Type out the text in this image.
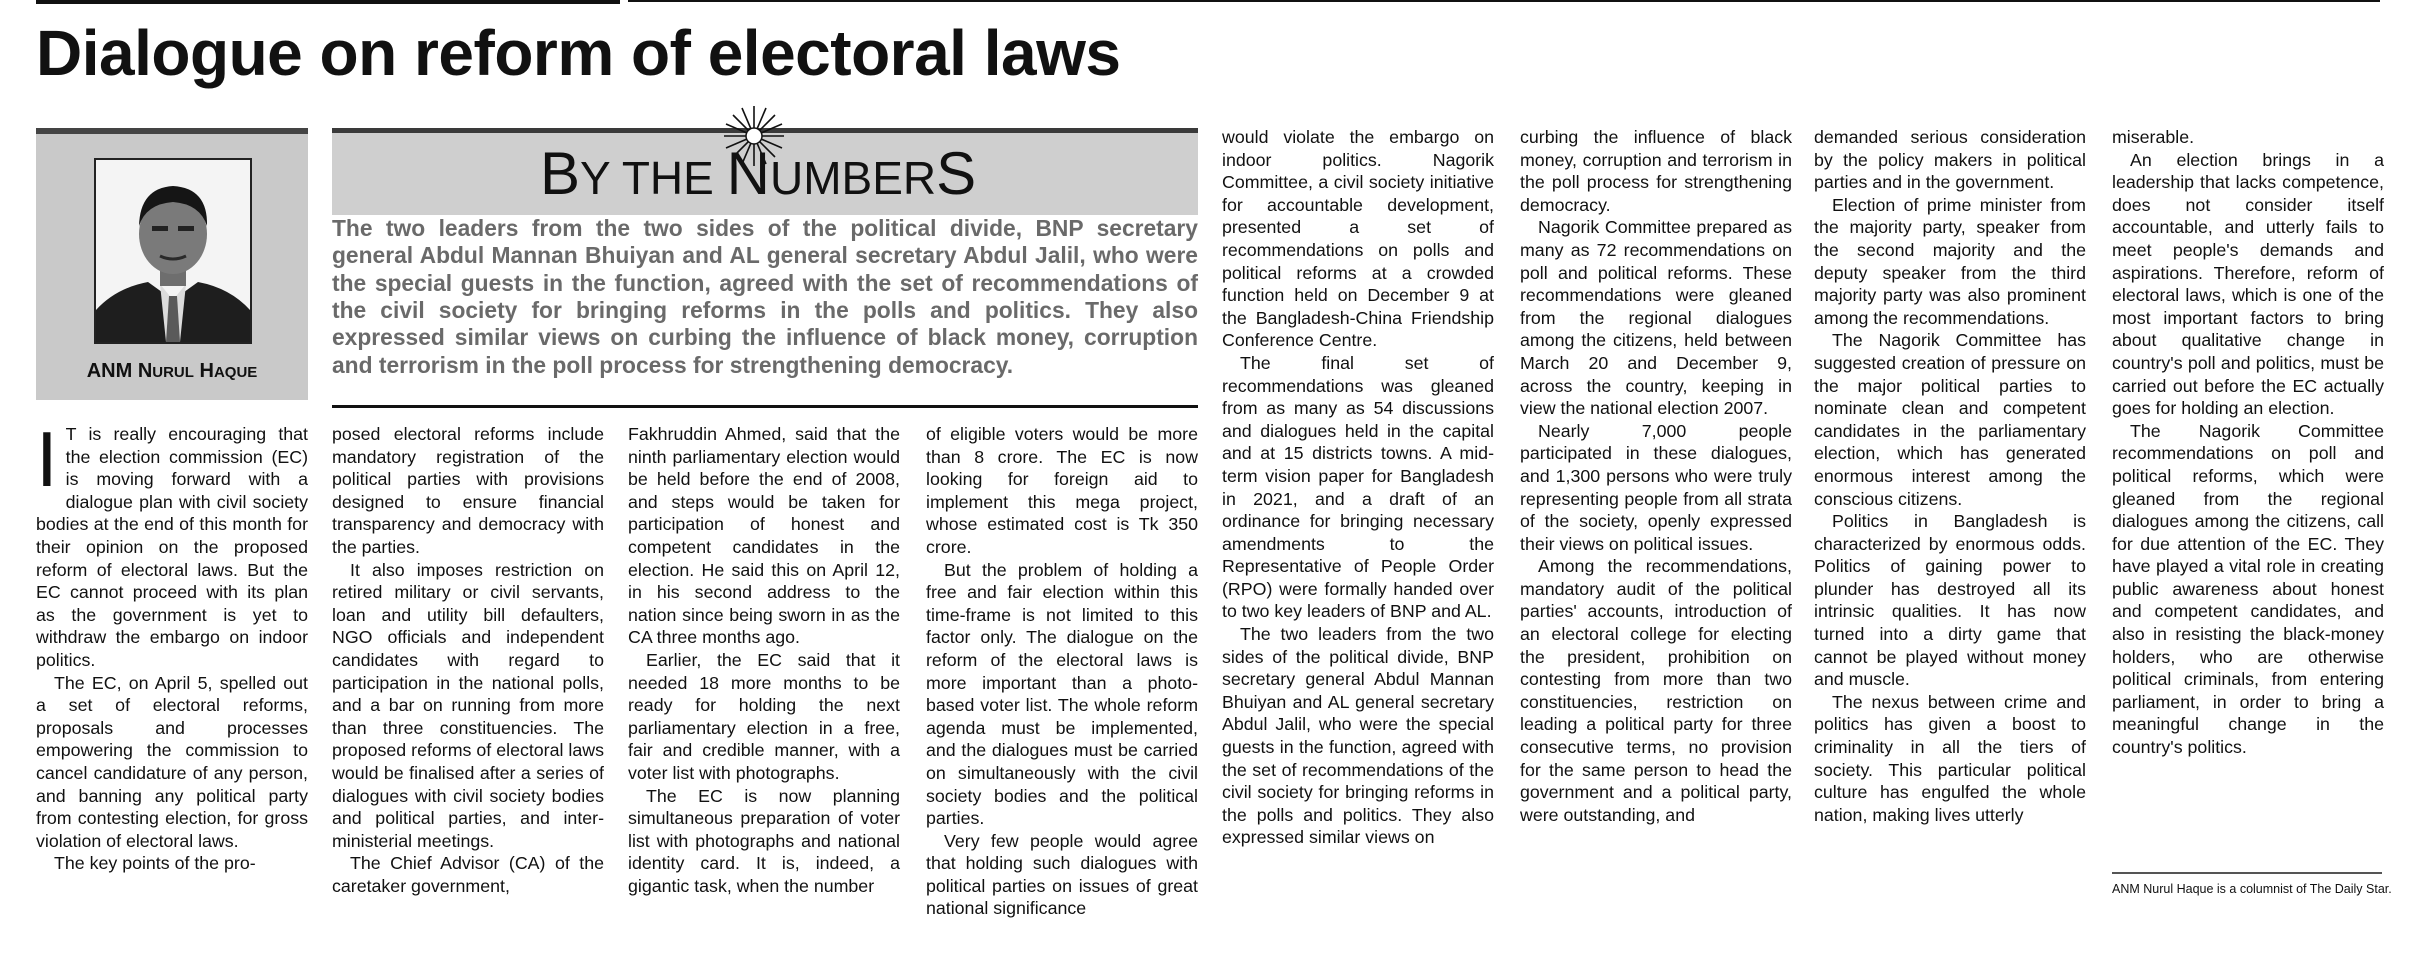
Dialogue on reform of electoral laws
ANM NURUL HAQUE
BY THE NUMBERS

The two leaders from the two sides of the political divide, BNP secretary general Abdul Mannan Bhuiyan and AL general secretary Abdul Jalil, who were the special guests in the function, agreed with the set of recommendations of the civil society for bringing reforms in the polls and politics. They also expressed similar views on curbing the influence of black money, corruption and terrorism in the poll process for strengthening democracy.

I T is really encouraging that the election commission (EC) is moving forward with a dialogue plan with civil society bodies at the end of this month for their opinion on the proposed reform of electoral laws. But the EC cannot proceed with its plan as the government is yet to withdraw the embargo on indoor politics.

The EC, on April 5, spelled out a set of electoral reforms, proposals and processes empowering the commission to cancel candidature of any person, and banning any political party from contesting election, for gross violation of electoral laws.

The key points of the pro-

posed electoral reforms include mandatory registration of the political parties with provisions designed to ensure financial transparency and democracy with the parties.

It also imposes restriction on retired military or civil servants, loan and utility bill defaulters, NGO officials and independent candidates with regard to participation in the national polls, and a bar on running from more than three constituencies. The proposed reforms of electoral laws would be finalised after a series of dialogues with civil society bodies and political parties, and inter-ministerial meetings.

The Chief Advisor (CA) of the caretaker government,

Fakhruddin Ahmed, said that the ninth parliamentary election would be held before the end of 2008, and steps would be taken for participation of honest and competent candidates in the election. He said this on April 12, in his second address to the nation since being sworn in as the CA three months ago.

Earlier, the EC said that it needed 18 more months to be ready for holding the next parliamentary election in a free, fair and credible manner, with a voter list with photographs.

The EC is now planning simultaneous preparation of voter list with photographs and national identity card. It is, indeed, a gigantic task, when the number

of eligible voters would be more than 8 crore. The EC is now looking for foreign aid to implement this mega project, whose estimated cost is Tk 350 crore.

But the problem of holding a free and fair election within this time-frame is not limited to this factor only. The dialogue on the reform of the electoral laws is more important than a photo-based voter list. The whole reform agenda must be implemented, and the dialogues must be carried on simultaneously with the civil society bodies and the political parties.

Very few people would agree that holding such dialogues with political parties on issues of great national significance

would violate the embargo on indoor politics. Nagorik Committee, a civil society initiative for accountable development, presented a set of recommendations on polls and political reforms at a crowded function held on December 9 at the Bangladesh-China Friendship Conference Centre.

The final set of recommendations was gleaned from as many as 54 discussions and dialogues held in the capital and at 15 districts towns. A mid-term vision paper for Bangladesh in 2021, and a draft of an ordinance for bringing necessary amendments to the Representative of People Order (RPO) were formally handed over to two key leaders of BNP and AL.

The two leaders from the two sides of the political divide, BNP secretary general Abdul Mannan Bhuiyan and AL general secretary Abdul Jalil, who were the special guests in the function, agreed with the set of recommendations of the civil society for bringing reforms in the polls and politics. They also expressed similar views on

curbing the influence of black money, corruption and terrorism in the poll process for strengthening democracy.

Nagorik Committee prepared as many as 72 recommendations on poll and political reforms. These recommendations were gleaned from the regional dialogues among the citizens, held between March 20 and December 9, across the country, keeping in view the national election 2007.

Nearly 7,000 people participated in these dialogues, and 1,300 persons who were truly representing people from all strata of the society, openly expressed their views on political issues.

Among the recommendations, mandatory audit of the political parties' accounts, introduction of an electoral college for electing the president, prohibition on contesting from more than two constituencies, restriction on leading a political party for three consecutive terms, no provision for the same person to head the government and a political party, were outstanding, and

demanded serious consideration by the policy makers in political parties and in the government.

Election of prime minister from the majority party, speaker from the second majority and the deputy speaker from the third majority party was also prominent among the recommendations.

The Nagorik Committee has suggested creation of pressure on the major political parties to nominate clean and competent candidates in the parliamentary election, which has generated enormous interest among the conscious citizens.

Politics in Bangladesh is characterized by enormous odds. Politics of gaining power to plunder has destroyed all its intrinsic qualities. It has now turned into a dirty game that cannot be played without money and muscle.

The nexus between crime and politics has given a boost to criminality in all the tiers of society. This particular political culture has engulfed the whole nation, making lives utterly

miserable.

An election brings in a leadership that lacks competence, does not consider itself accountable, and utterly fails to meet people's demands and aspirations. Therefore, reform of electoral laws, which is one of the most important factors to bring about qualitative change in country's poll and politics, must be carried out before the EC actually goes for holding an election.

The Nagorik Committee recommendations on poll and political reforms, which were gleaned from the regional dialogues among the citizens, call for due attention of the EC. They have played a vital role in creating public awareness about honest and competent candidates, and also in resisting the black-money holders, who are otherwise political criminals, from entering parliament, in order to bring a meaningful change in the country's politics.

ANM Nurul Haque is a columnist of The Daily Star.
